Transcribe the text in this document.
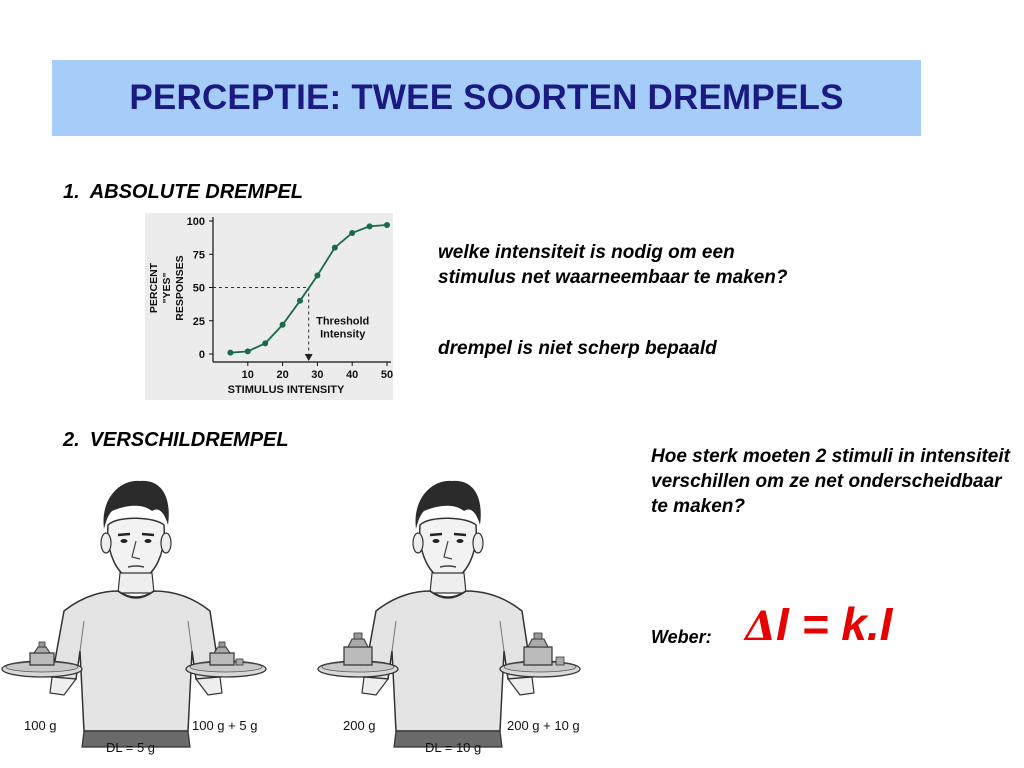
PERCEPTIE: TWEE SOORTEN DREMPELS
1. ABSOLUTE DREMPEL
0
25
50
75
100
10 20 30 40 50
STIMULUS INTENSITY
PERCENT "YES" RESPONSES
Threshold
Intensity

welke intensiteit is nodig om een stimulus net waarneembaar te maken?

drempel is niet scherp bepaald

2. VERSCHILDREMPEL

Hoe sterk moeten 2 stimuli in intensiteit verschillen om ze net onderscheidbaar te maken?

Weber: ΔI = k.I
100 g	100 g + 5 g
DL = 5 g
200 g	200 g + 10 g
DL = 10 g
